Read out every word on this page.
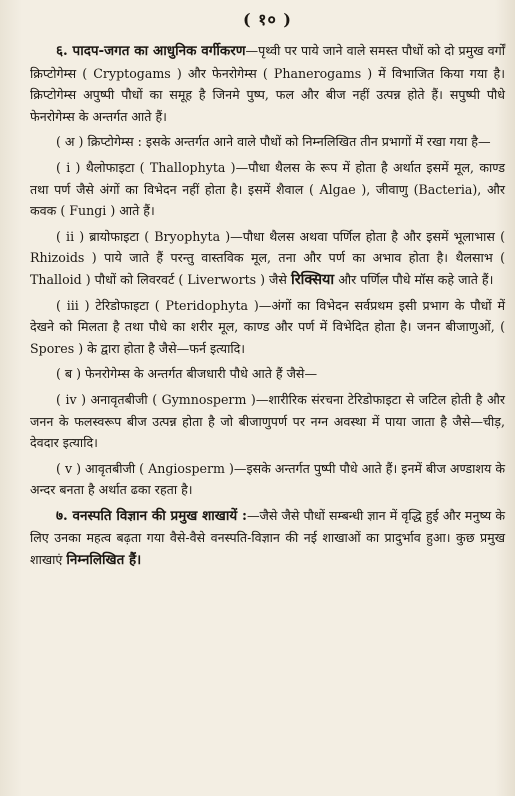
( १० )

६. पादप-जगत का आधुनिक वर्गीकरण—पृथ्वी पर पाये जाने वाले समस्त पौधों को दो प्रमुख वर्गों क्रिप्टोगेम्स ( Cryptogams ) और फेनरोगेम्स ( Phanerogams ) में विभाजित किया गया है। क्रिप्टोगेम्स अपुष्पी पौधों का समूह है जिनमे पुष्प, फल और बीज नहीं उत्पन्न होते हैं। सपुष्पी पौधे फेनरोगेम्स के अन्तर्गत आते हैं।

( अ ) क्रिप्टोगेम्स : इसके अन्तर्गत आने वाले पौधों को निम्नलिखित तीन प्रभागों में रखा गया है—

( i ) थैलोफाइटा ( Thallophyta )—पौधा थैलस के रूप में होता है अर्थात इसमें मूल, काण्ड तथा पर्ण जैसे अंगों का विभेदन नहीं होता है। इसमें शैवाल ( Algae ), जीवाणु (Bacteria), और कवक ( Fungi ) आते हैं।

( ii ) ब्रायोफाइटा ( Bryophyta )—पौधा थैलस अथवा पर्णिल होता है और इसमें भूलाभास ( Rhizoids ) पाये जाते हैं परन्तु वास्तविक मूल, तना और पर्ण का अभाव होता है। थैलसाभ ( Thalloid ) पौधों को लिवरवर्ट ( Liverworts ) जैसे रिक्सिया और पर्णिल पौधे मॉस कहे जाते हैं।

( iii ) टेरिडोफाइटा ( Pteridophyta )—अंगों का विभेदन सर्वप्रथम इसी प्रभाग के पौधों में देखने को मिलता है तथा पौधे का शरीर मूल, काण्ड और पर्ण में विभेदित होता है। जनन बीजाणुओं, ( Spores ) के द्वारा होता है जैसे—फर्न इत्यादि।

( ब ) फेनरोगेम्स के अन्तर्गत बीजधारी पौधे आते हैं जैसे—

( iv ) अनावृतबीजी ( Gymnosperm )—शारीरिक संरचना टेरिडोफाइटा से जटिल होती है और जनन के फलस्वरूप बीज उत्पन्न होता है जो बीजाणुपर्ण पर नग्न अवस्था में पाया जाता है जैसे—चीड़, देवदार इत्यादि।

( v ) आवृतबीजी ( Angiosperm )—इसके अन्तर्गत पुष्पी पौधे आते हैं। इनमें बीज अण्डाशय के अन्दर बनता है अर्थात ढका रहता है।

७. वनस्पति विज्ञान की प्रमुख शाखायें :—जैसे जैसे पौधों सम्बन्धी ज्ञान में वृद्धि हुई और मनुष्य के लिए उनका महत्व बढ़ता गया वैसे-वैसे वनस्पति-विज्ञान की नई शाखाओं का प्रादुर्भाव हुआ। कुछ प्रमुख शाखाएं निम्नलिखित हैं।
